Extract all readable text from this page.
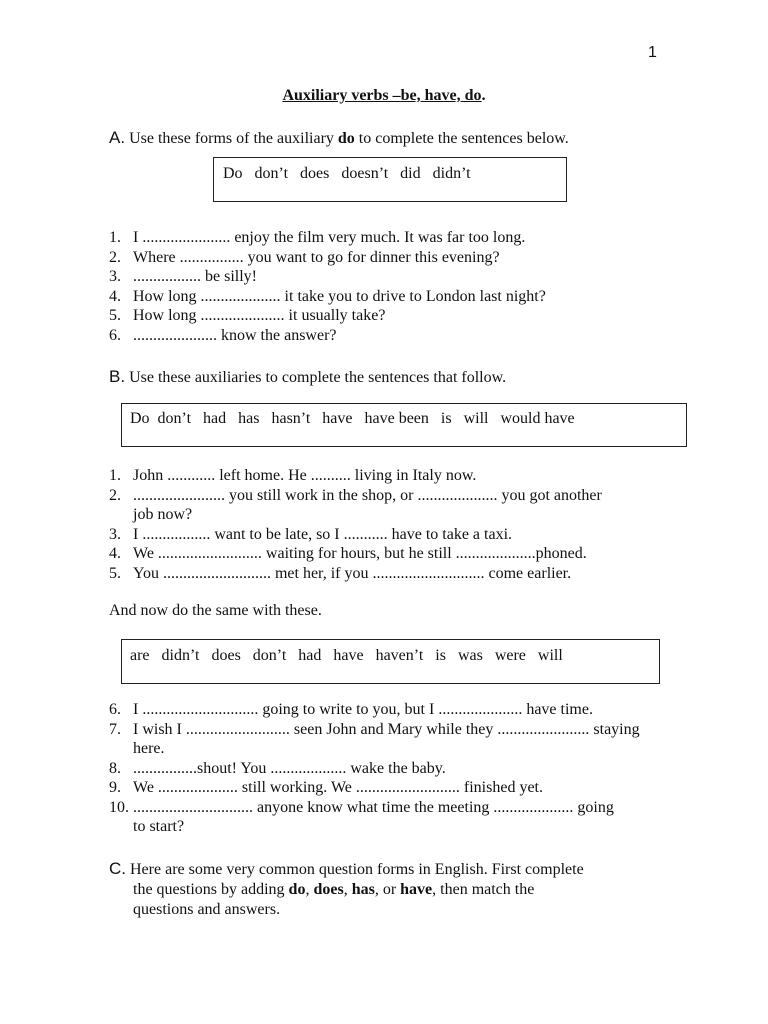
1
Auxiliary verbs –be, have, do.
A. Use these forms of the auxiliary do to complete the sentences below.
Do   don’t   does   doesn’t   did   didn’t
1. I ...................... enjoy the film very much. It was far too long.
2. Where ................ you want to go for dinner this evening?
3. ................. be silly!
4. How long .................... it take you to drive to London last night?
5. How long ..................... it usually take?
6. ..................... know the answer?
B. Use these auxiliaries to complete the sentences that follow.
Do  don’t   had   has   hasn’t   have   have been   is   will   would have
1. John ............ left home. He .......... living in Italy now.
2. ....................... you still work in the shop, or .................... you got another job now?
3. I ................. want to be late, so I ........... have to take a taxi.
4. We .......................... waiting for hours, but he still ....................phoned.
5. You ........................... met her, if you ............................ come earlier.
And now do the same with these.
are   didn’t   does   don’t   had   have   haven’t   is   was   were   will
6. I ............................. going to write to you, but I ..................... have time.
7. I wish I .......................... seen John and Mary while they ....................... staying here.
8. ................shout! You ................... wake the baby.
9. We .................... still working. We .......................... finished yet.
10. .............................. anyone know what time the meeting .................... going to start?
C. Here are some very common question forms in English. First complete
the questions by adding do, does, has, or have, then match the
questions and answers.
